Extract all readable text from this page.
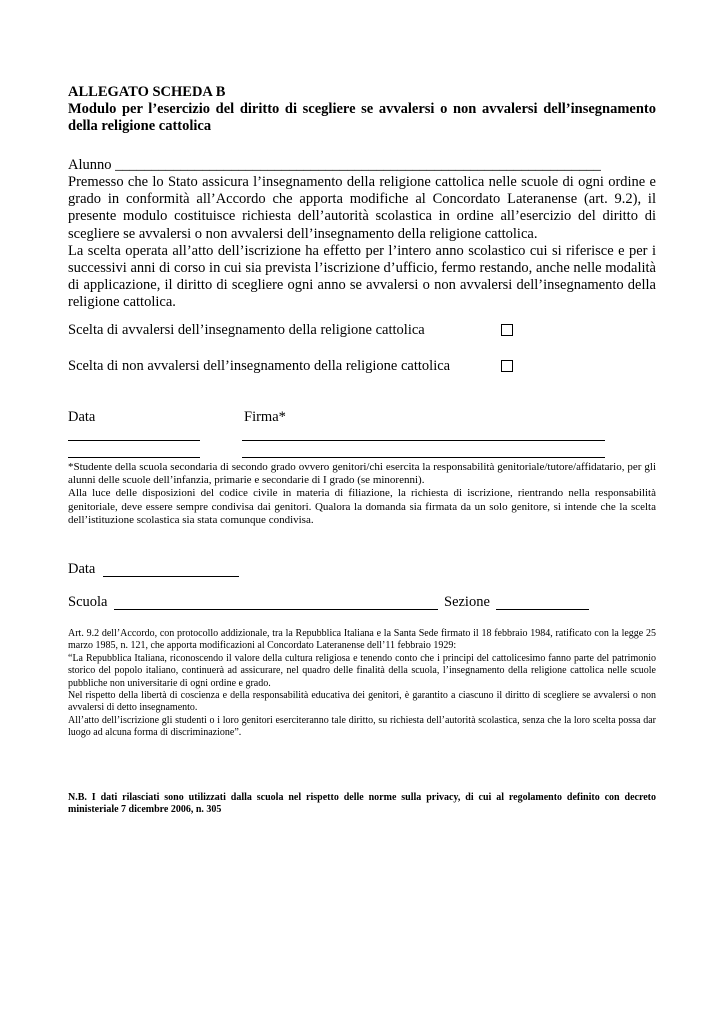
ALLEGATO SCHEDA B

Modulo per l’esercizio del diritto di scegliere se avvalersi o non avvalersi dell’insegnamento della religione cattolica

Alunno ___________________________________________________________________

Premesso che lo Stato assicura l’insegnamento della religione cattolica nelle scuole di ogni ordine e grado in conformità all’Accordo che apporta modifiche al Concordato Lateranense (art. 9.2), il presente modulo costituisce richiesta dell’autorità scolastica in ordine all’esercizio del diritto di scegliere se avvalersi o non avvalersi dell’insegnamento della religione cattolica.

La scelta operata all’atto dell’iscrizione ha effetto per l’intero anno scolastico cui si riferisce e per i successivi anni di corso in cui sia prevista l’iscrizione d’ufficio, fermo restando, anche nelle modalità di applicazione, il diritto di scegliere ogni anno se avvalersi o non avvalersi dell’insegnamento della religione cattolica.

Scelta di avvalersi dell’insegnamento della religione cattolica
Scelta di non avvalersi dell’insegnamento della religione cattolica
Data	Firma*
*Studente della scuola secondaria di secondo grado ovvero genitori/chi esercita la responsabilità genitoriale/tutore/affidatario, per gli alunni delle scuole dell’infanzia, primarie e secondarie di I grado (se minorenni).
Alla luce delle disposizioni del codice civile in materia di filiazione, la richiesta di iscrizione, rientrando nella responsabilità genitoriale, deve essere sempre condivisa dai genitori. Qualora la domanda sia firmata da un solo genitore, si intende che la scelta dell’istituzione scolastica sia stata comunque condivisa.
Data
Scuola	Sezione
Art. 9.2 dell’Accordo, con protocollo addizionale, tra la Repubblica Italiana e la Santa Sede firmato il 18 febbraio 1984, ratificato con la legge 25 marzo 1985, n. 121, che apporta modificazioni al Concordato Lateranense dell’11 febbraio 1929:
“La Repubblica Italiana, riconoscendo il valore della cultura religiosa e tenendo conto che i principi del cattolicesimo fanno parte del patrimonio storico del popolo italiano, continuerà ad assicurare, nel quadro delle finalità della scuola, l’insegnamento della religione cattolica nelle scuole pubbliche non universitarie di ogni ordine e grado.
Nel rispetto della libertà di coscienza e della responsabilità educativa dei genitori, è garantito a ciascuno il diritto di scegliere se avvalersi o non avvalersi di detto insegnamento.
All’atto dell’iscrizione gli studenti o i loro genitori eserciteranno tale diritto, su richiesta dell’autorità scolastica, senza che la loro scelta possa dar luogo ad alcuna forma di discriminazione”.
N.B. I dati rilasciati sono utilizzati dalla scuola nel rispetto delle norme sulla privacy, di cui al regolamento definito con decreto ministeriale 7 dicembre 2006, n. 305
